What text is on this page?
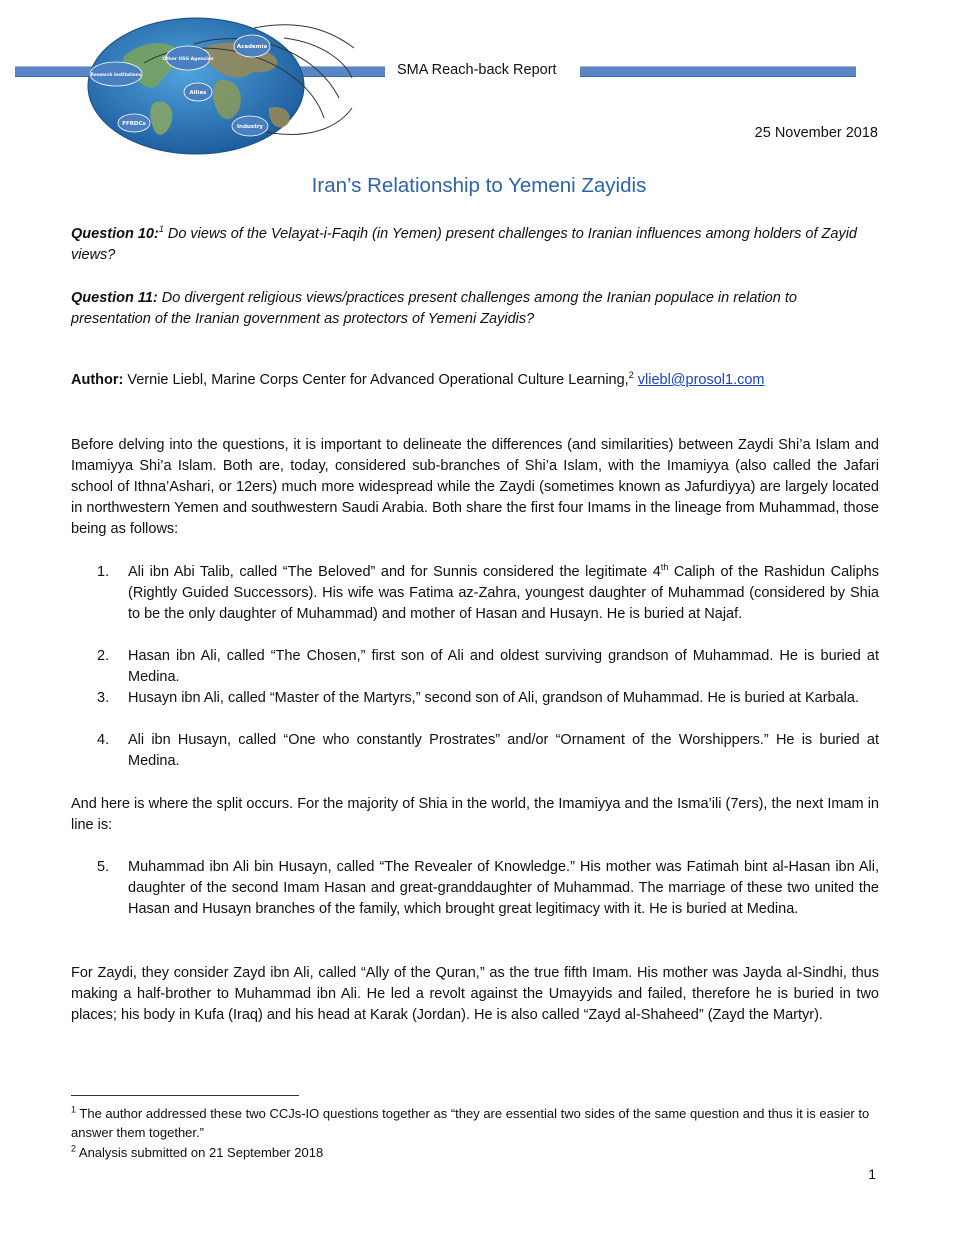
Academia
Other USG Agencies
Research Institutions
Allies
FFRDCs	Industry
SMA Reach-back Report
25 November 2018
Iran’s Relationship to Yemeni Zayidis
Question 10:$^1$ Do views of the Velayat-i-Faqih (in Yemen) present challenges to Iranian influences among holders of Zayid views?
Question 11: Do divergent religious views/practices present challenges among the Iranian populace in relation to presentation of the Iranian government as protectors of Yemeni Zayidis?
Author: Vernie Liebl, Marine Corps Center for Advanced Operational Culture Learning,$^2$ vliebl@prosol1.com
Before delving into the questions, it is important to delineate the differences (and similarities) between Zaydi Shi’a Islam and Imamiyya Shi’a Islam. Both are, today, considered sub-branches of Shi’a Islam, with the Imamiyya (also called the Jafari school of Ithna’Ashari, or 12ers) much more widespread while the Zaydi (sometimes known as Jafurdiyya) are largely located in northwestern Yemen and southwestern Saudi Arabia. Both share the first four Imams in the lineage from Muhammad, those being as follows:
1.	Ali ibn Abi Talib, called “The Beloved” and for Sunnis considered the legitimate 4th Caliph of the Rashidun Caliphs (Rightly Guided Successors). His wife was Fatima az-Zahra, youngest daughter of Muhammad (considered by Shia to be the only daughter of Muhammad) and mother of Hasan and Husayn. He is buried at Najaf.
2.	Hasan ibn Ali, called “The Chosen,” first son of Ali and oldest surviving grandson of Muhammad. He is buried at Medina.
3.	Husayn ibn Ali, called “Master of the Martyrs,” second son of Ali, grandson of Muhammad. He is buried at Karbala.
4.	Ali ibn Husayn, called “One who constantly Prostrates” and/or “Ornament of the Worshippers.” He is buried at Medina.
And here is where the split occurs. For the majority of Shia in the world, the Imamiyya and the Isma’ili (7ers), the next Imam in line is:
5.	Muhammad ibn Ali bin Husayn, called “The Revealer of Knowledge.” His mother was Fatimah bint al-Hasan ibn Ali, daughter of the second Imam Hasan and great-granddaughter of Muhammad. The marriage of these two united the Hasan and Husayn branches of the family, which brought great legitimacy with it. He is buried at Medina.
For Zaydi, they consider Zayd ibn Ali, called “Ally of the Quran,” as the true fifth Imam. His mother was Jayda al-Sindhi, thus making a half-brother to Muhammad ibn Ali. He led a revolt against the Umayyids and failed, therefore he is buried in two places; his body in Kufa (Iraq) and his head at Karak (Jordan). He is also called “Zayd al-Shaheed” (Zayd the Martyr).
$^1$ The author addressed these two CCJs-IO questions together as “they are essential two sides of the same question and thus it is easier to answer them together.”
$^2$ Analysis submitted on 21 September 2018
1
